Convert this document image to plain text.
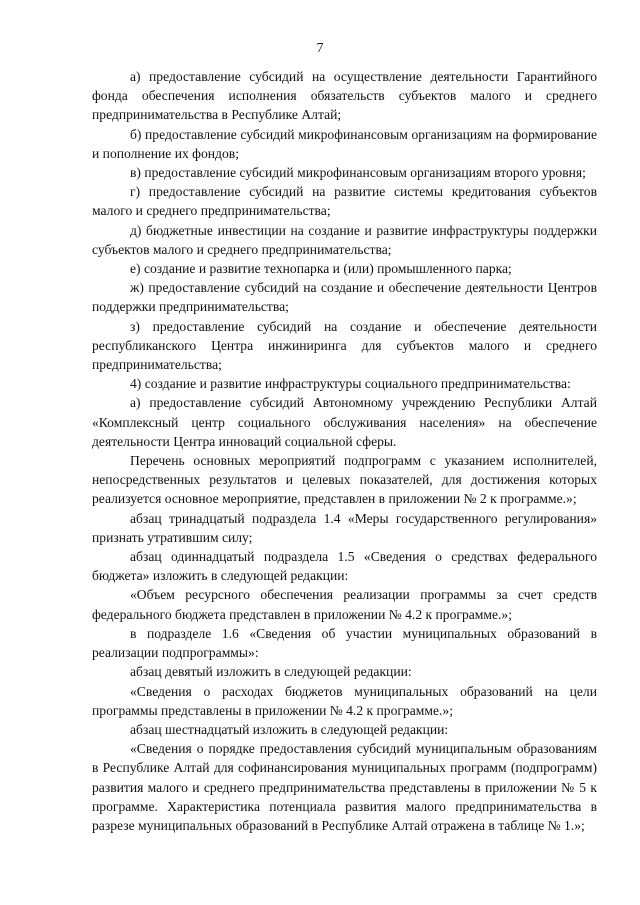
7

а) предоставление субсидий на осуществление деятельности Гарантийного фонда обеспечения исполнения обязательств субъектов малого и среднего предпринимательства в Республике Алтай;

б) предоставление субсидий микрофинансовым организациям на формирование и пополнение их фондов;

в) предоставление субсидий микрофинансовым организациям второго уровня;

г) предоставление субсидий на развитие системы кредитования субъектов малого и среднего предпринимательства;

д) бюджетные инвестиции на создание и развитие инфраструктуры поддержки субъектов малого и среднего предпринимательства;

е) создание и развитие технопарка и (или) промышленного парка;

ж) предоставление субсидий на создание и обеспечение деятельности Центров поддержки предпринимательства;

з) предоставление субсидий на создание и обеспечение деятельности республиканского Центра инжиниринга для субъектов малого и среднего предпринимательства;

4) создание и развитие инфраструктуры социального предпринимательства:

а) предоставление субсидий Автономному учреждению Республики Алтай «Комплексный центр социального обслуживания населения» на обеспечение деятельности Центра инноваций социальной сферы.

Перечень основных мероприятий подпрограмм с указанием исполнителей, непосредственных результатов и целевых показателей, для достижения которых реализуется основное мероприятие, представлен в приложении № 2 к программе.»;

абзац тринадцатый подраздела 1.4 «Меры государственного регулирования» признать утратившим силу;

абзац одиннадцатый подраздела 1.5 «Сведения о средствах федерального бюджета» изложить в следующей редакции:

«Объем ресурсного обеспечения реализации программы за счет средств федерального бюджета представлен в приложении № 4.2 к программе.»;

в подразделе 1.6 «Сведения об участии муниципальных образований в реализации подпрограммы»:

абзац девятый изложить в следующей редакции:

«Сведения о расходах бюджетов муниципальных образований на цели программы представлены в приложении № 4.2 к программе.»;

абзац шестнадцатый изложить в следующей редакции:

«Сведения о порядке предоставления субсидий муниципальным образованиям в Республике Алтай для софинансирования муниципальных программ (подпрограмм) развития малого и среднего предпринимательства представлены в приложении № 5 к программе. Характеристика потенциала развития малого предпринимательства в разрезе муниципальных образований в Республике Алтай отражена в таблице № 1.»;
